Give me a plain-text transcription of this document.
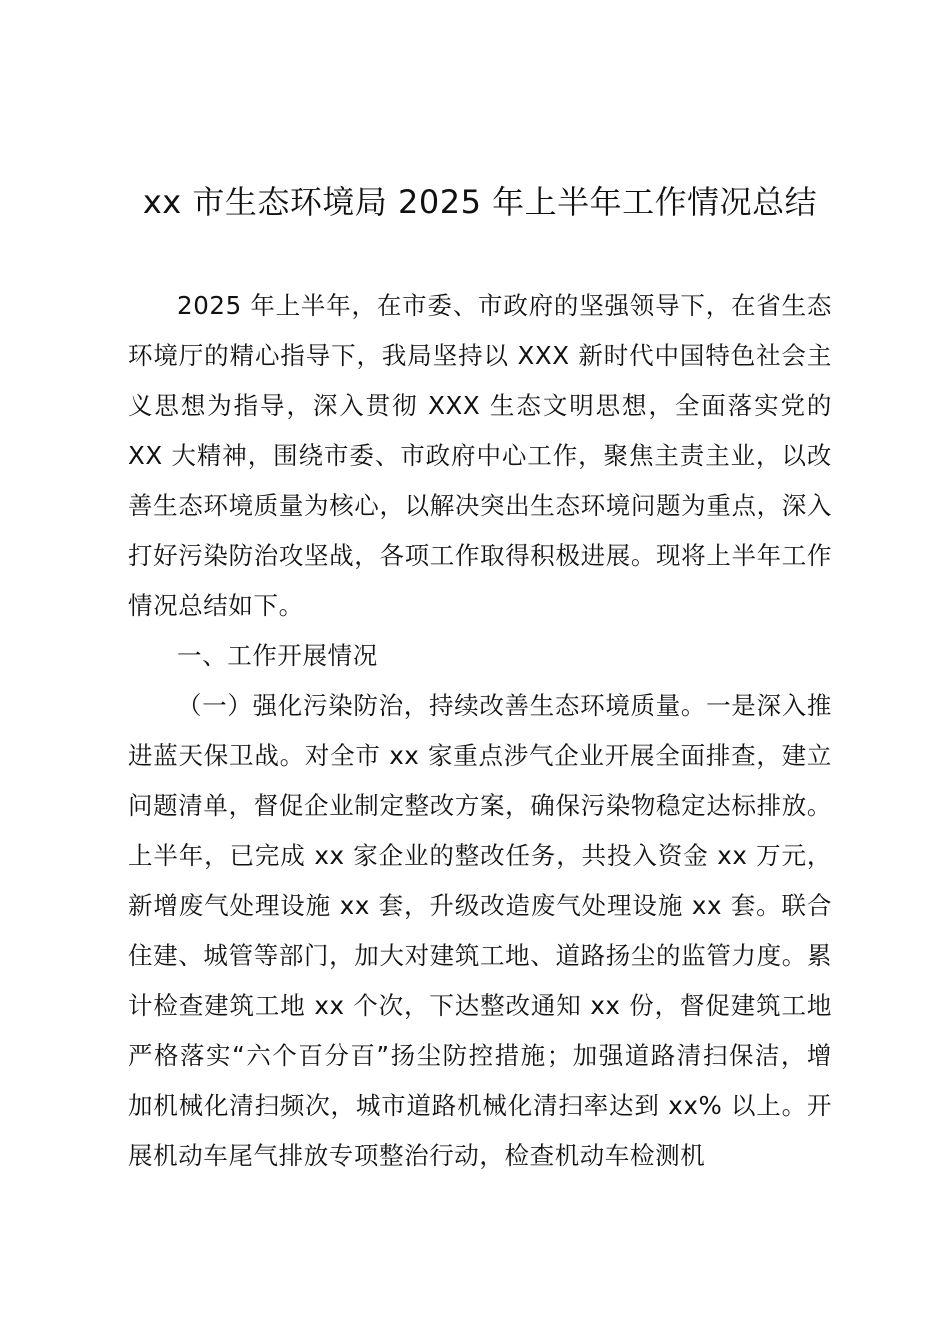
xx 市生态环境局 2025 年上半年工作情况总结

2025 年上半年，在市委、市政府的坚强领导下，在省生态环境厅的精心指导下，我局坚持以 XXX 新时代中国特色社会主义思想为指导，深入贯彻 XXX 生态文明思想，全面落实党的 XX 大精神，围绕市委、市政府中心工作，聚焦主责主业，以改善生态环境质量为核心，以解决突出生态环境问题为重点，深入打好污染防治攻坚战，各项工作取得积极进展。现将上半年工作情况总结如下。

一、工作开展情况

（一）强化污染防治，持续改善生态环境质量。一是深入推进蓝天保卫战。对全市 xx 家重点涉气企业开展全面排查，建立问题清单，督促企业制定整改方案，确保污染物稳定达标排放。上半年，已完成 xx 家企业的整改任务，共投入资金 xx 万元，新增废气处理设施 xx 套，升级改造废气处理设施 xx 套。联合住建、城管等部门，加大对建筑工地、道路扬尘的监管力度。累计检查建筑工地 xx 个次，下达整改通知 xx 份，督促建筑工地严格落实“六个百分百”扬尘防控措施；加强道路清扫保洁，增加机械化清扫频次，城市道路机械化清扫率达到 xx% 以上。开展机动车尾气排放专项整治行动，检查机动车检测机
